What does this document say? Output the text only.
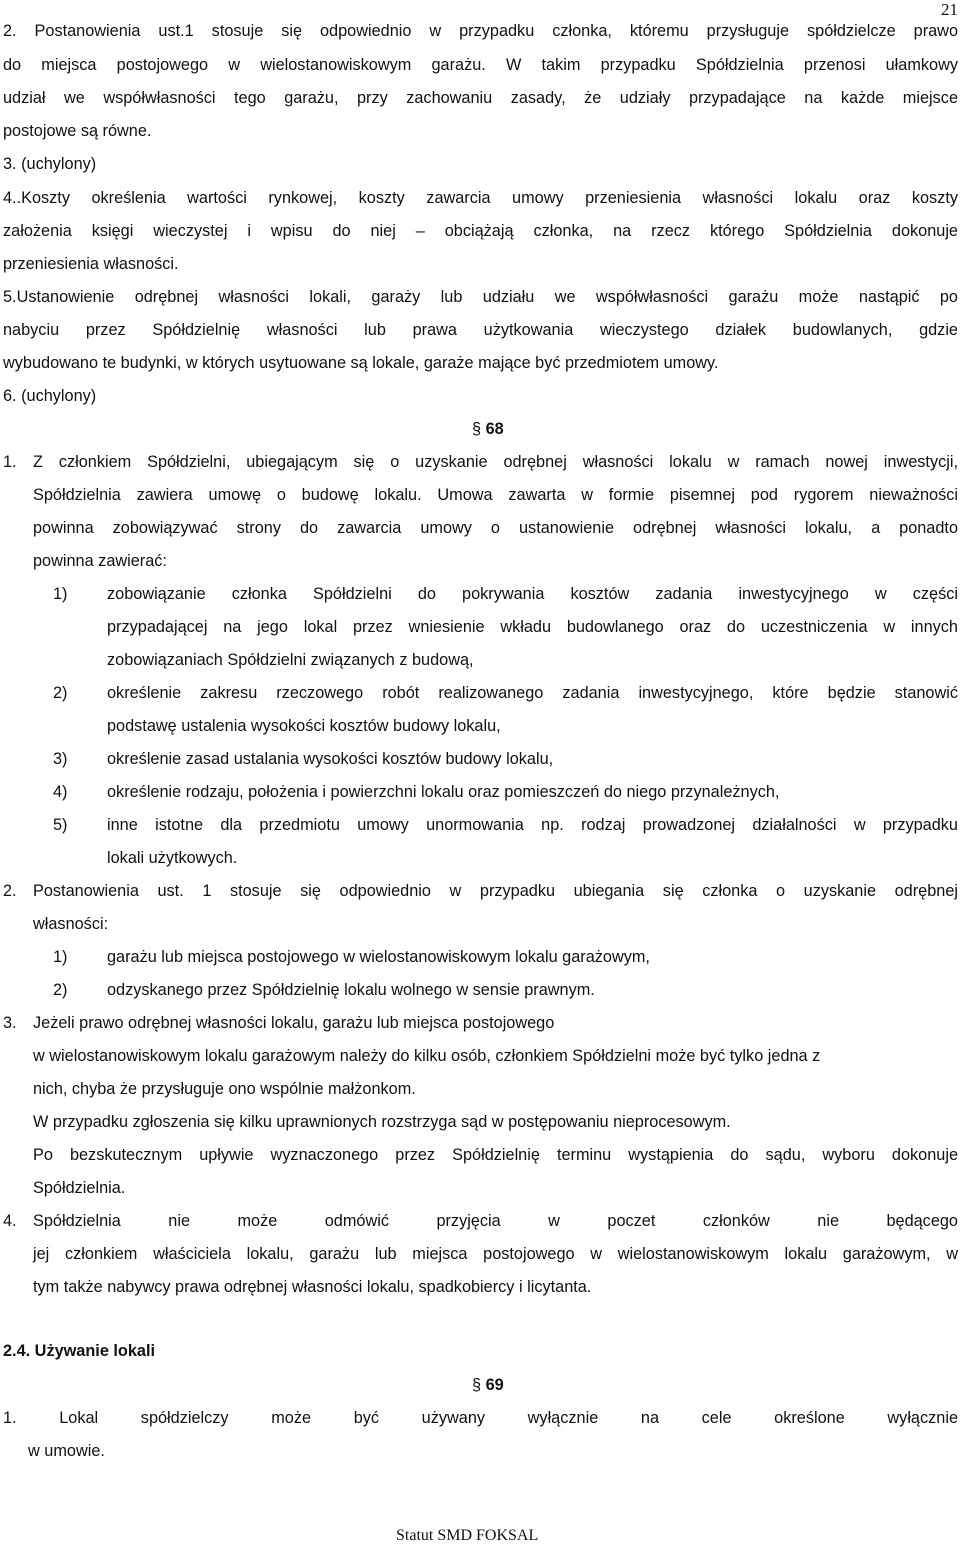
21
2. Postanowienia ust.1 stosuje się odpowiednio w przypadku członka, któremu przysługuje spółdzielcze prawo
do miejsca postojowego w wielostanowiskowym garażu. W takim przypadku Spółdzielnia przenosi ułamkowy
udział we współwłasności tego garażu, przy zachowaniu zasady, że udziały przypadające na każde miejsce
postojowe są równe.
3. (uchylony)
4..Koszty określenia wartości rynkowej, koszty zawarcia umowy przeniesienia własności lokalu oraz koszty
założenia księgi wieczystej i wpisu do niej – obciążają członka, na rzecz którego Spółdzielnia dokonuje
przeniesienia własności.
5.Ustanowienie odrębnej własności lokali, garaży lub udziału we współwłasności garażu może nastąpić po
nabyciu przez Spółdzielnię własności lub prawa użytkowania wieczystego działek budowlanych, gdzie
wybudowano te budynki, w których usytuowane są lokale, garaże mające być przedmiotem umowy.
6. (uchylony)
§ 68
1. Z członkiem Spółdzielni, ubiegającym się o uzyskanie odrębnej własności lokalu w ramach nowej inwestycji,
Spółdzielnia zawiera umowę o budowę lokalu. Umowa zawarta w formie pisemnej pod rygorem nieważności
powinna zobowiązywać strony do zawarcia umowy o ustanowienie odrębnej własności lokalu, a ponadto
powinna zawierać:
1) zobowiązanie członka Spółdzielni do pokrywania kosztów zadania inwestycyjnego w części
przypadającej na jego lokal przez wniesienie wkładu budowlanego oraz do uczestniczenia w innych
zobowiązaniach Spółdzielni związanych z budową,
2) określenie zakresu rzeczowego robót realizowanego zadania inwestycyjnego, które będzie stanowić
podstawę ustalenia wysokości kosztów budowy lokalu,
3) określenie zasad ustalania wysokości kosztów budowy lokalu,
4) określenie rodzaju, położenia i powierzchni lokalu oraz pomieszczeń do niego przynależnych,
5) inne istotne dla przedmiotu umowy unormowania np. rodzaj prowadzonej działalności w przypadku
lokali użytkowych.
2. Postanowienia ust. 1 stosuje się odpowiednio w przypadku ubiegania się członka o uzyskanie odrębnej
własności:
1) garażu lub miejsca postojowego w wielostanowiskowym lokalu garażowym,
2) odzyskanego przez Spółdzielnię lokalu wolnego w sensie prawnym.
3. Jeżeli prawo odrębnej własności lokalu, garażu lub miejsca postojowego
w wielostanowiskowym lokalu garażowym należy do kilku osób, członkiem Spółdzielni może być tylko jedna z
nich, chyba że przysługuje ono wspólnie małżonkom.
W przypadku zgłoszenia się kilku uprawnionych rozstrzyga sąd w postępowaniu nieprocesowym.
Po bezskutecznym upływie wyznaczonego przez Spółdzielnię terminu wystąpienia do sądu, wyboru dokonuje
Spółdzielnia.
4. Spółdzielnia nie może odmówić przyjęcia w poczet członków nie będącego
jej członkiem właściciela lokalu, garażu lub miejsca postojowego w wielostanowiskowym lokalu garażowym, w
tym także nabywcy prawa odrębnej własności lokalu, spadkobiercy i licytanta.
2.4. Używanie lokali
§ 69
1. Lokal spółdzielczy może być używany wyłącznie na cele określone wyłącznie
w umowie.
Statut SMD FOKSAL
